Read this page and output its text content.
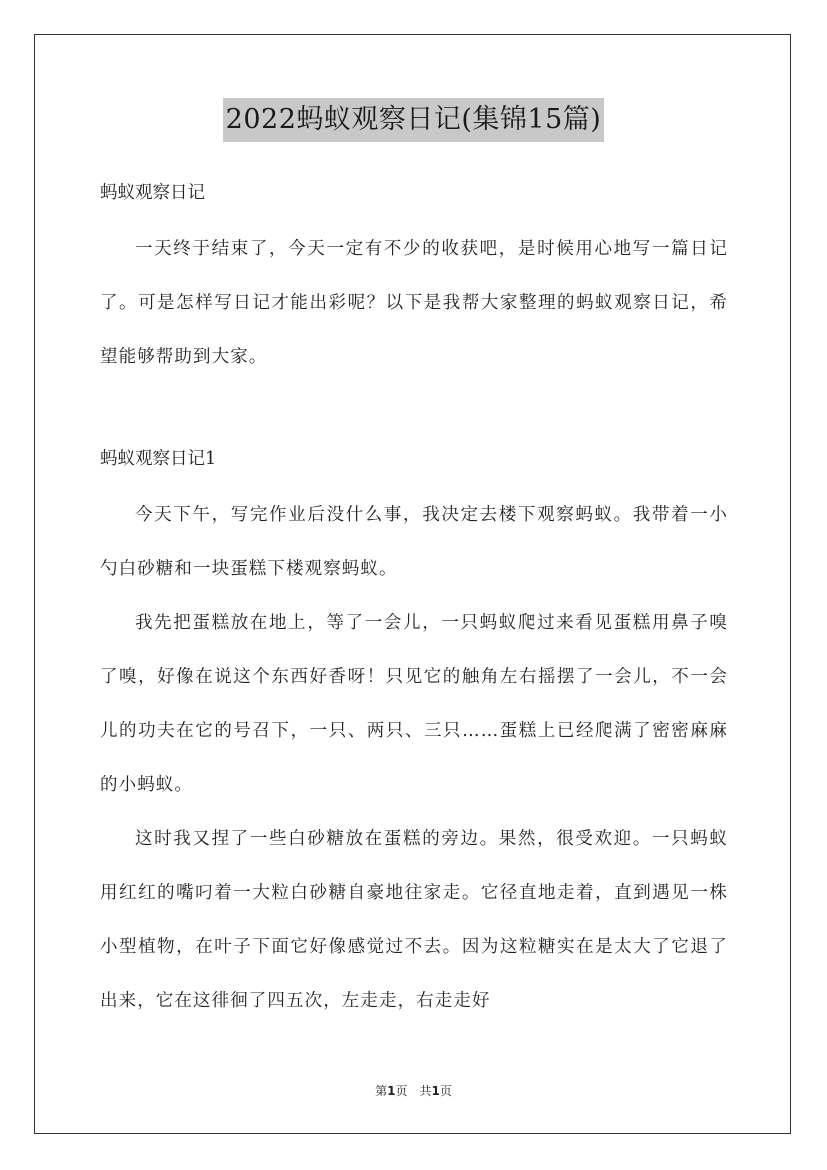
2022蚂蚁观察日记(集锦15篇)

蚂蚁观察日记

一天终于结束了，今天一定有不少的收获吧，是时候用心地写一篇日记了。可是怎样写日记才能出彩呢？以下是我帮大家整理的蚂蚁观察日记，希望能够帮助到大家。

蚂蚁观察日记1

今天下午，写完作业后没什么事，我决定去楼下观察蚂蚁。我带着一小勺白砂糖和一块蛋糕下楼观察蚂蚁。

我先把蛋糕放在地上，等了一会儿，一只蚂蚁爬过来看见蛋糕用鼻子嗅了嗅，好像在说这个东西好香呀！只见它的触角左右摇摆了一会儿，不一会儿的功夫在它的号召下，一只、两只、三只……蛋糕上已经爬满了密密麻麻的小蚂蚁。

这时我又捏了一些白砂糖放在蛋糕的旁边。果然，很受欢迎。一只蚂蚁用红红的嘴叼着一大粒白砂糖自豪地往家走。它径直地走着，直到遇见一株小型植物，在叶子下面它好像感觉过不去。因为这粒糖实在是太大了它退了出来，它在这徘徊了四五次，左走走，右走走好

第1页　共1页
